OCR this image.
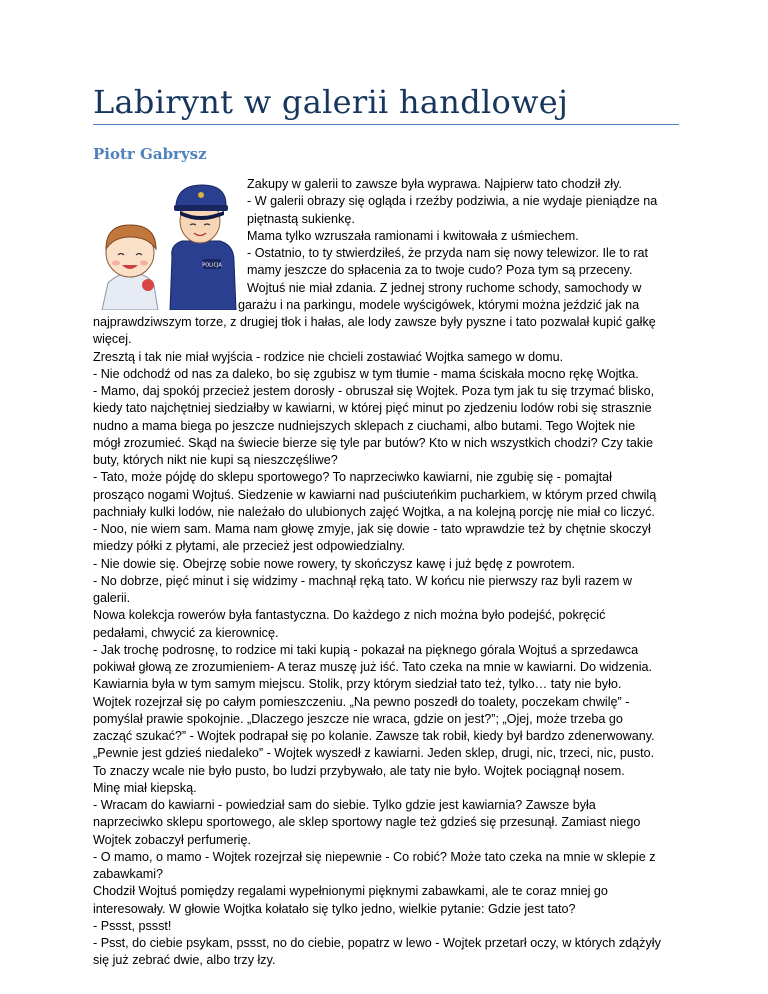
Labirynt w galerii handlowej
Piotr Gabrysz
POLICJA
Zakupy w galerii to zawsze była wyprawa. Najpierw tato chodził zły.
- W galerii obrazy się ogląda i rzeźby podziwia, a nie wydaje pieniądze na
piętnastą sukienkę.
Mama tylko wzruszała ramionami i kwitowała z uśmiechem.
- Ostatnio, to ty stwierdziłeś, że przyda nam się nowy telewizor. Ile to rat
mamy jeszcze do spłacenia za to twoje cudo? Poza tym są przeceny.
Wojtuś nie miał zdania. Z jednej strony ruchome schody, samochody w
garażu i na parkingu, modele wyścigówek, którymi można jeździć jak na
najprawdziwszym torze, z drugiej tłok i hałas, ale lody zawsze były pyszne i tato pozwalał kupić gałkę
więcej.
Zresztą i tak nie miał wyjścia - rodzice nie chcieli zostawiać Wojtka samego w domu.
- Nie odchodź od nas za daleko, bo się zgubisz w tym tłumie - mama ściskała mocno rękę Wojtka.
- Mamo, daj spokój przecież jestem dorosły - obruszał się Wojtek. Poza tym jak tu się trzymać blisko,
kiedy tato najchętniej siedziałby w kawiarni, w której pięć minut po zjedzeniu lodów robi się strasznie
nudno a mama biega po jeszcze nudniejszych sklepach z ciuchami, albo butami. Tego Wojtek nie
mógł zrozumieć. Skąd na świecie bierze się tyle par butów? Kto w nich wszystkich chodzi? Czy takie
buty, których nikt nie kupi są nieszczęśliwe?
- Tato, może pójdę do sklepu sportowego? To naprzeciwko kawiarni, nie zgubię się - pomajtał
prosząco nogami Wojtuś. Siedzenie w kawiarni nad puściuteńkim pucharkiem, w którym przed chwilą
pachniały kulki lodów, nie należało do ulubionych zajęć Wojtka, a na kolejną porcję nie miał co liczyć.
- Noo, nie wiem sam. Mama nam głowę zmyje, jak się dowie - tato wprawdzie też by chętnie skoczył
miedzy półki z płytami, ale przecież jest odpowiedzialny.
- Nie dowie się. Obejrzę sobie nowe rowery, ty skończysz kawę i już będę z powrotem.
- No dobrze, pięć minut i się widzimy - machnął ręką tato. W końcu nie pierwszy raz byli razem w
galerii.
Nowa kolekcja rowerów była fantastyczna. Do każdego z nich można było podejść, pokręcić
pedałami, chwycić za kierownicę.
- Jak trochę podrosnę, to rodzice mi taki kupią - pokazał na pięknego górala Wojtuś a sprzedawca
pokiwał głową ze zrozumieniem- A teraz muszę już iść. Tato czeka na mnie w kawiarni. Do widzenia.
Kawiarnia była w tym samym miejscu. Stolik, przy którym siedział tato też, tylko… taty nie było.
Wojtek rozejrzał się po całym pomieszczeniu. „Na pewno poszedł do toalety, poczekam chwilę” -
pomyślał prawie spokojnie. „Dlaczego jeszcze nie wraca, gdzie on jest?”; „Ojej, może trzeba go
zacząć szukać?” - Wojtek podrapał się po kolanie. Zawsze tak robił, kiedy był bardzo zdenerwowany.
„Pewnie jest gdzieś niedaleko” - Wojtek wyszedł z kawiarni. Jeden sklep, drugi, nic, trzeci, nic, pusto.
To znaczy wcale nie było pusto, bo ludzi przybywało, ale taty nie było. Wojtek pociągnął nosem.
Minę miał kiepską.
- Wracam do kawiarni - powiedział sam do siebie. Tylko gdzie jest kawiarnia? Zawsze była
naprzeciwko sklepu sportowego, ale sklep sportowy nagle też gdzieś się przesunął. Zamiast niego
Wojtek zobaczył perfumerię.
- O mamo, o mamo - Wojtek rozejrzał się niepewnie - Co robić? Może tato czeka na mnie w sklepie z
zabawkami?
Chodził Wojtuś pomiędzy regalami wypełnionymi pięknymi zabawkami, ale te coraz mniej go
interesowały. W głowie Wojtka kołatało się tylko jedno, wielkie pytanie: Gdzie jest tato?
- Pssst, pssst!
- Psst, do ciebie psykam, pssst, no do ciebie, popatrz w lewo - Wojtek przetarł oczy, w których zdążyły
się już zebrać dwie, albo trzy łzy.
